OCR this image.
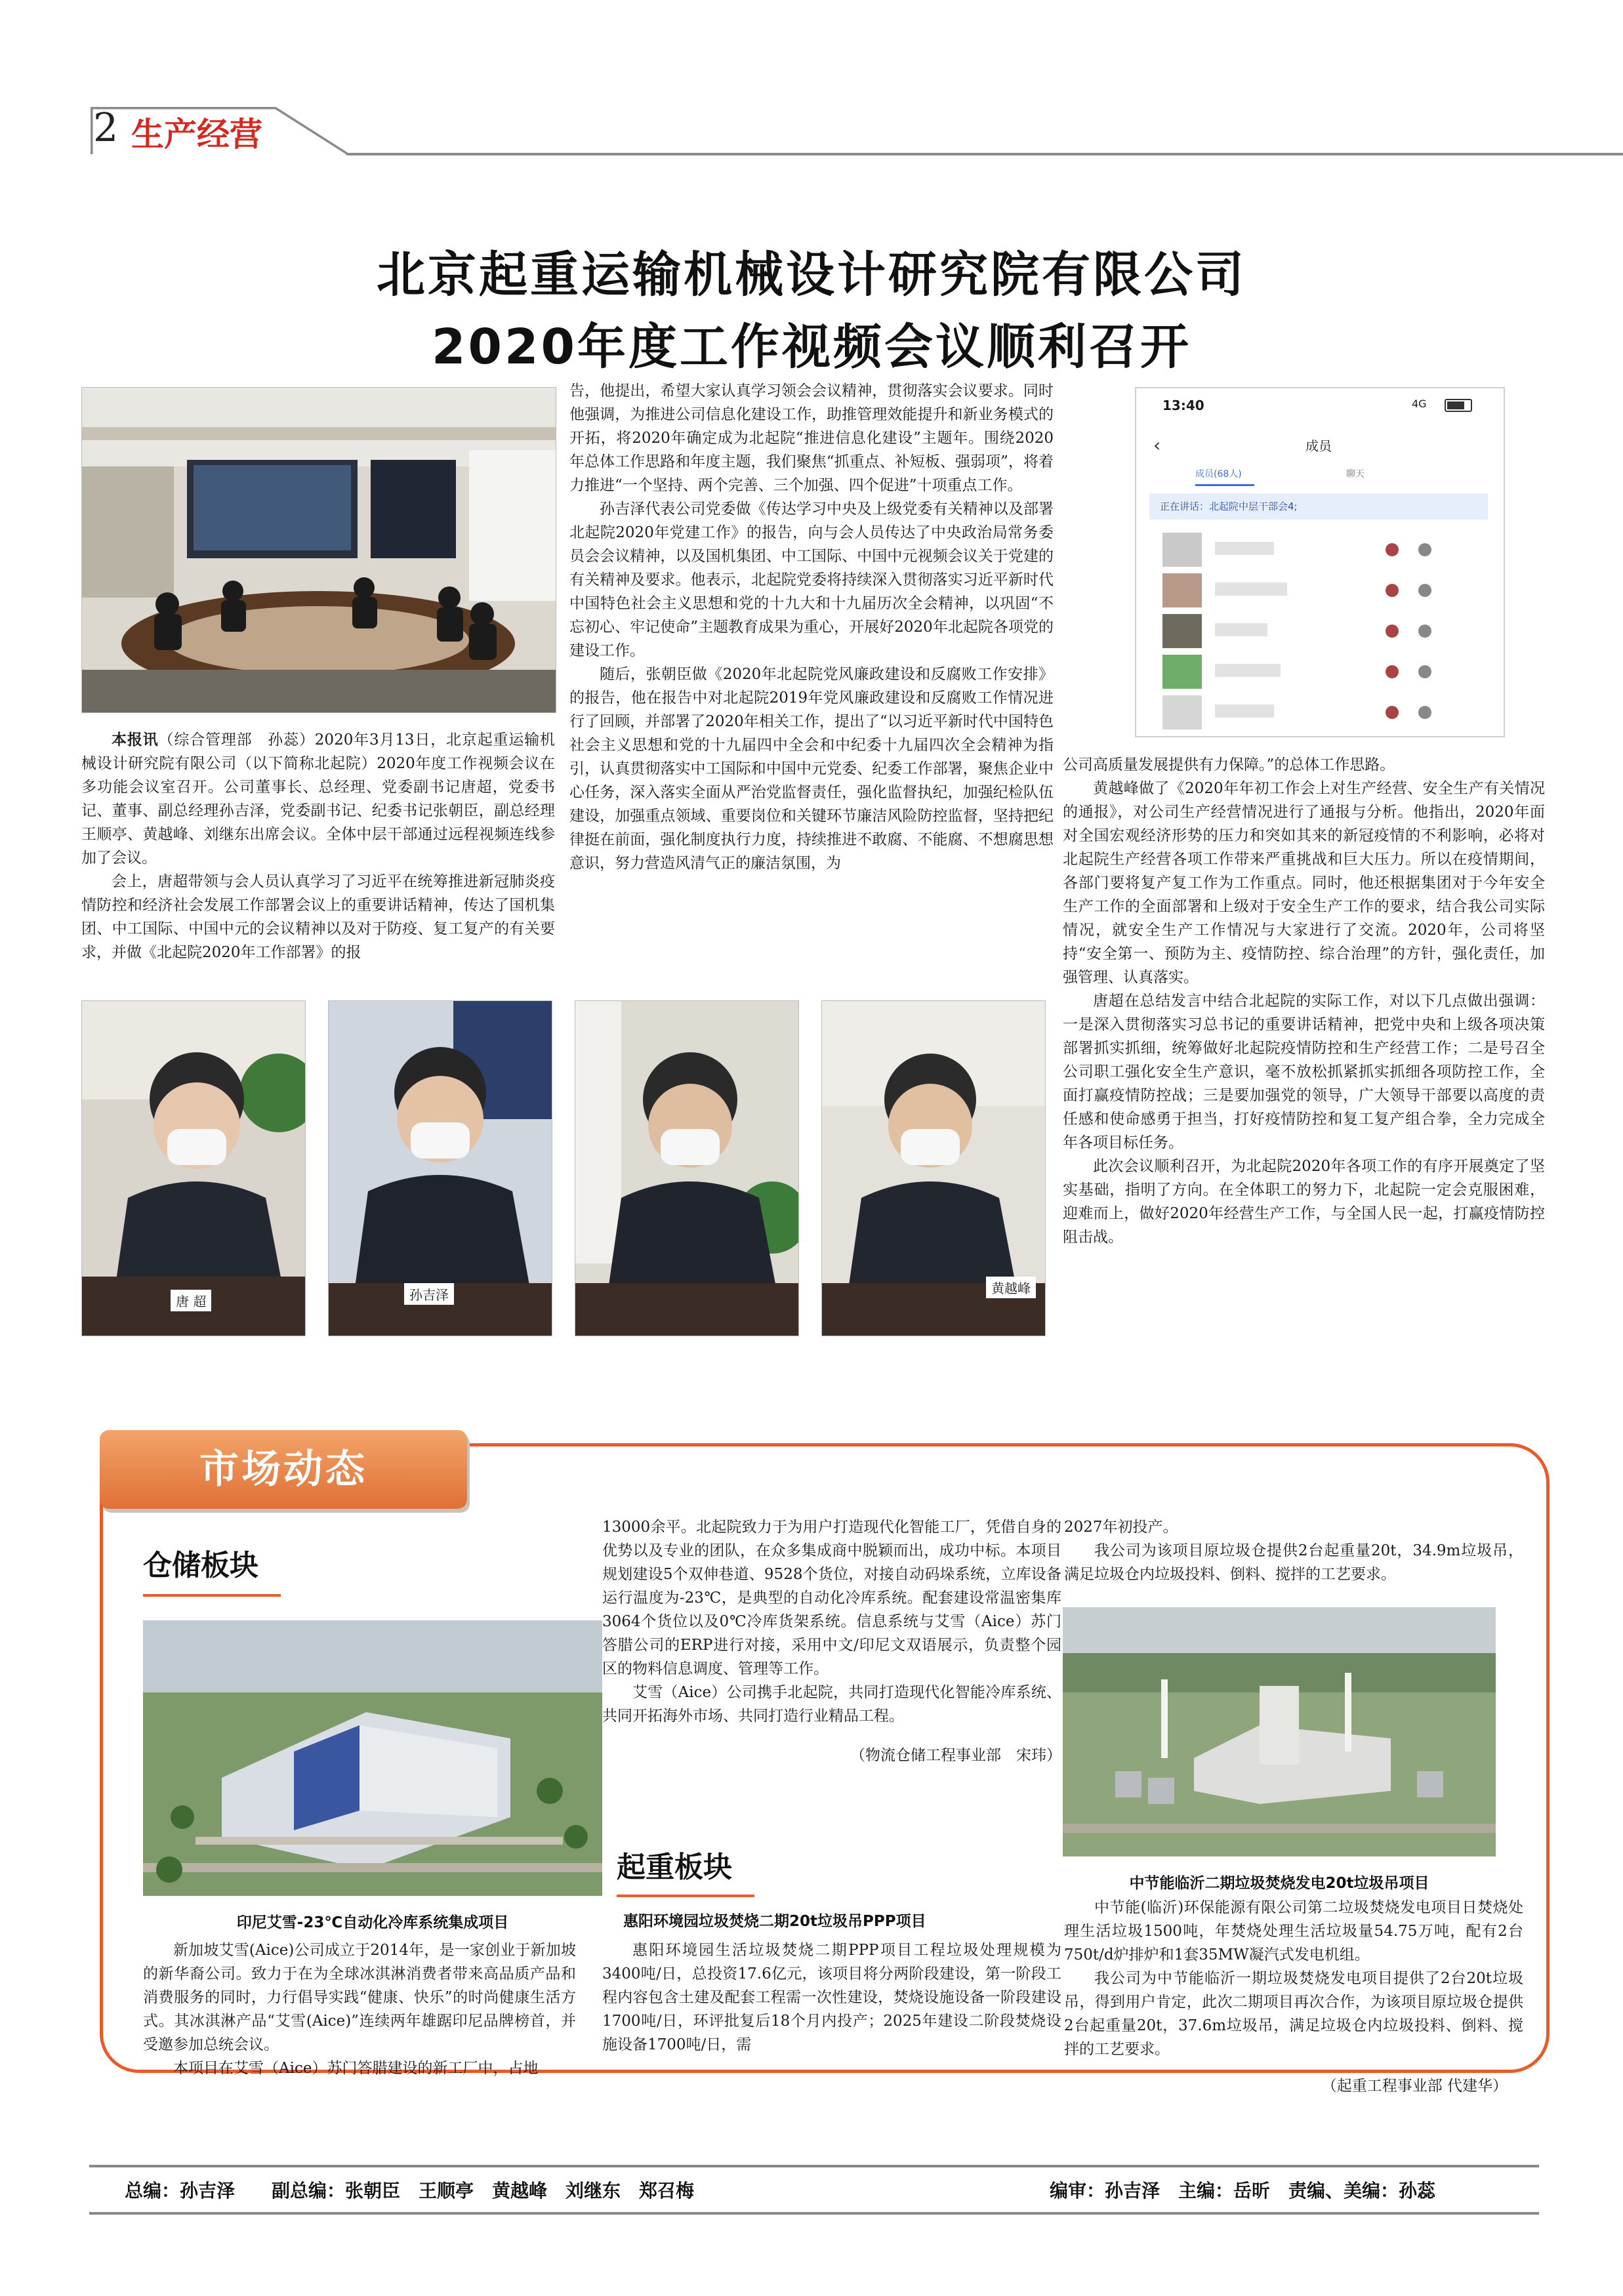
2 生产经营
北京起重运输机械设计研究院有限公司
2020年度工作视频会议顺利召开

本报讯（综合管理部　孙蕊）2020年3月13日，北京起重运输机械设计研究院有限公司（以下简称北起院）2020年度工作视频会议在多功能会议室召开。公司董事长、总经理、党委副书记唐超，党委书记、董事、副总经理孙吉泽，党委副书记、纪委书记张朝臣，副总经理王顺亭、黄越峰、刘继东出席会议。全体中层干部通过远程视频连线参加了会议。

会上，唐超带领与会人员认真学习了习近平在统筹推进新冠肺炎疫情防控和经济社会发展工作部署会议上的重要讲话精神，传达了国机集团、中工国际、中国中元的会议精神以及对于防疫、复工复产的有关要求，并做《北起院2020年工作部署》的报

告，他提出，希望大家认真学习领会会议精神，贯彻落实会议要求。同时他强调，为推进公司信息化建设工作，助推管理效能提升和新业务模式的开拓，将2020年确定成为北起院“推进信息化建设”主题年。围绕2020年总体工作思路和年度主题，我们聚焦“抓重点、补短板、强弱项”，将着力推进“一个坚持、两个完善、三个加强、四个促进”十项重点工作。

孙吉泽代表公司党委做《传达学习中央及上级党委有关精神以及部署北起院2020年党建工作》的报告，向与会人员传达了中央政治局常务委员会会议精神，以及国机集团、中工国际、中国中元视频会议关于党建的有关精神及要求。他表示，北起院党委将持续深入贯彻落实习近平新时代中国特色社会主义思想和党的十九大和十九届历次全会精神，以巩固“不忘初心、牢记使命”主题教育成果为重心，开展好2020年北起院各项党的建设工作。

随后，张朝臣做《2020年北起院党风廉政建设和反腐败工作安排》的报告，他在报告中对北起院2019年党风廉政建设和反腐败工作情况进行了回顾，并部署了2020年相关工作，提出了“以习近平新时代中国特色社会主义思想和党的十九届四中全会和中纪委十九届四次全会精神为指引，认真贯彻落实中工国际和中国中元党委、纪委工作部署，聚焦企业中心任务，深入落实全面从严治党监督责任，强化监督执纪，加强纪检队伍建设，加强重点领域、重要岗位和关键环节廉洁风险防控监督，坚持把纪律挺在前面，强化制度执行力度，持续推进不敢腐、不能腐、不想腐思想意识，努力营造风清气正的廉洁氛围，为

13:40	4G
‹	成员
成员(68人)	聊天
正在讲话：北起院中层干部会4;

公司高质量发展提供有力保障。”的总体工作思路。

黄越峰做了《2020年年初工作会上对生产经营、安全生产有关情况的通报》，对公司生产经营情况进行了通报与分析。他指出，2020年面对全国宏观经济形势的压力和突如其来的新冠疫情的不利影响，必将对北起院生产经营各项工作带来严重挑战和巨大压力。所以在疫情期间，各部门要将复产复工作为工作重点。同时，他还根据集团对于今年安全生产工作的全面部署和上级对于安全生产工作的要求，结合我公司实际情况，就安全生产工作情况与大家进行了交流。2020年，公司将坚持“安全第一、预防为主、疫情防控、综合治理”的方针，强化责任，加强管理、认真落实。

唐超在总结发言中结合北起院的实际工作，对以下几点做出强调：一是深入贯彻落实习总书记的重要讲话精神，把党中央和上级各项决策部署抓实抓细，统筹做好北起院疫情防控和生产经营工作；二是号召全公司职工强化安全生产意识，毫不放松抓紧抓实抓细各项防控工作，全面打赢疫情防控战；三是要加强党的领导，广大领导干部要以高度的责任感和使命感勇于担当，打好疫情防控和复工复产组合拳，全力完成全年各项目标任务。

此次会议顺利召开，为北起院2020年各项工作的有序开展奠定了坚实基础，指明了方向。在全体职工的努力下，北起院一定会克服困难，迎难而上，做好2020年经营生产工作，与全国人民一起，打赢疫情防控阻击战。

唐 超	孙吉泽	黄越峰
市场动态
仓储板块
印尼艾雪-23℃自动化冷库系统集成项目

新加坡艾雪(Aice)公司成立于2014年，是一家创业于新加坡的新华裔公司。致力于在为全球冰淇淋消费者带来高品质产品和消费服务的同时，力行倡导实践“健康、快乐”的时尚健康生活方式。其冰淇淋产品“艾雪(Aice)”连续两年雄踞印尼品牌榜首，并受邀参加总统会议。

本项目在艾雪（Aice）苏门答腊建设的新工厂中，占地

13000余平。北起院致力于为用户打造现代化智能工厂，凭借自身的优势以及专业的团队，在众多集成商中脱颖而出，成功中标。本项目规划建设5个双伸巷道、9528个货位，对接自动码垛系统，立库设备运行温度为-23℃，是典型的自动化冷库系统。配套建设常温密集库3064个货位以及0℃冷库货架系统。信息系统与艾雪（Aice）苏门答腊公司的ERP进行对接，采用中文/印尼文双语展示，负责整个园区的物料信息调度、管理等工作。

艾雪（Aice）公司携手北起院，共同打造现代化智能冷库系统、共同开拓海外市场、共同打造行业精品工程。

（物流仓储工程事业部　宋玮）

起重板块
惠阳环境园垃圾焚烧二期20t垃圾吊PPP项目

惠阳环境园生活垃圾焚烧二期PPP项目工程垃圾处理规模为3400吨/日，总投资17.6亿元，该项目将分两阶段建设，第一阶段工程内容包含土建及配套工程需一次性建设，焚烧设施设备一阶段建设1700吨/日，环评批复后18个月内投产；2025年建设二阶段焚烧设施设备1700吨/日，需

2027年初投产。

我公司为该项目原垃圾仓提供2台起重量20t，34.9m垃圾吊，满足垃圾仓内垃圾投料、倒料、搅拌的工艺要求。

中节能临沂二期垃圾焚烧发电20t垃圾吊项目

中节能(临沂)环保能源有限公司第二垃圾焚烧发电项目日焚烧处理生活垃圾1500吨，年焚烧处理生活垃圾量54.75万吨，配有2台750t/d炉排炉和1套35MW凝汽式发电机组。

我公司为中节能临沂一期垃圾焚烧发电项目提供了2台20t垃圾吊，得到用户肯定，此次二期项目再次合作，为该项目原垃圾仓提供2台起重量20t，37.6m垃圾吊，满足垃圾仓内垃圾投料、倒料、搅拌的工艺要求。

（起重工程事业部 代建华）

总编：孙吉泽　　副总编：张朝臣　王顺亭　黄越峰　刘继东　郑召梅	编审：孙吉泽　主编：岳昕　责编、美编：孙蕊
